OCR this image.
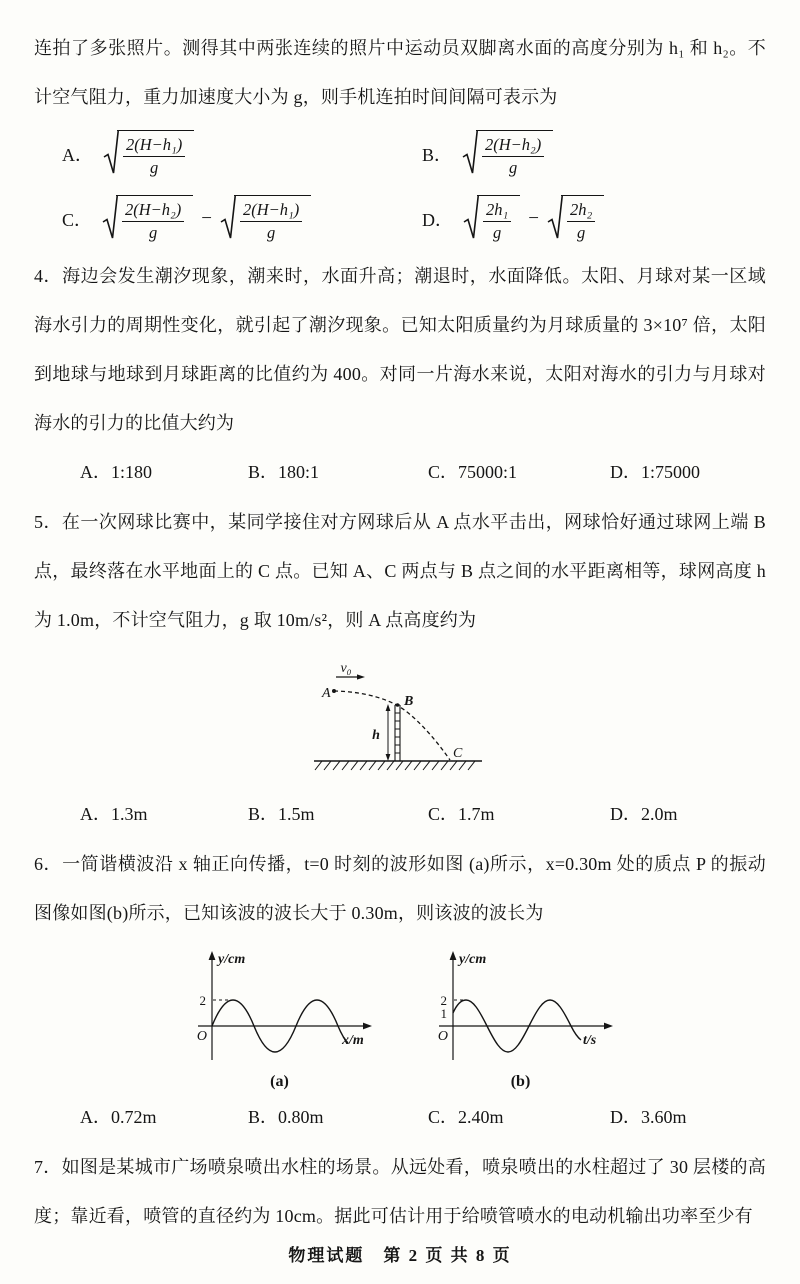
连拍了多张照片。测得其中两张连续的照片中运动员双脚离水面的高度分别为 h₁ 和 h₂。不计空气阻力，重力加速度大小为 g，则手机连拍时间间隔可表示为

A． 2(H−h₁)
g
B． 2(H−h₂)
g
C． 2(H−h₂)
g
− 2(H−h₁)
g
D． 2h₁
g
− 2h₂
g

4．海边会发生潮汐现象，潮来时，水面升高；潮退时，水面降低。太阳、月球对某一区域海水引力的周期性变化，就引起了潮汐现象。已知太阳质量约为月球质量的 3×10⁷ 倍，太阳到地球与地球到月球距离的比值约为 400。对同一片海水来说，太阳对海水的引力与月球对海水的引力的比值大约为

A．1:180	B．180:1	C．75000:1	D．1:75000

5．在一次网球比赛中，某同学接住对方网球后从 A 点水平击出，网球恰好通过球网上端 B 点，最终落在水平地面上的 C 点。已知 A、C 两点与 B 点之间的水平距离相等，球网高度 h 为 1.0m，不计空气阻力，g 取 10m/s²，则 A 点高度约为

h
A
v₀
B
C
A．1.3m	B．1.5m	C．1.7m	D．2.0m

6．一简谐横波沿 x 轴正向传播，t=0 时刻的波形如图 (a)所示，x=0.30m 处的质点 P 的振动图像如图(b)所示，已知该波的波长大于 0.30m，则该波的波长为

y/cm
x/m
O
2
(a)
y/cm
t/s
O
2
1
(b)
A．0.72m	B．0.80m	C．2.40m	D．3.60m

7．如图是某城市广场喷泉喷出水柱的场景。从远处看，喷泉喷出的水柱超过了 30 层楼的高度；靠近看，喷管的直径约为 10cm。据此可估计用于给喷管喷水的电动机输出功率至少有

物理试题　第 2 页 共 8 页
